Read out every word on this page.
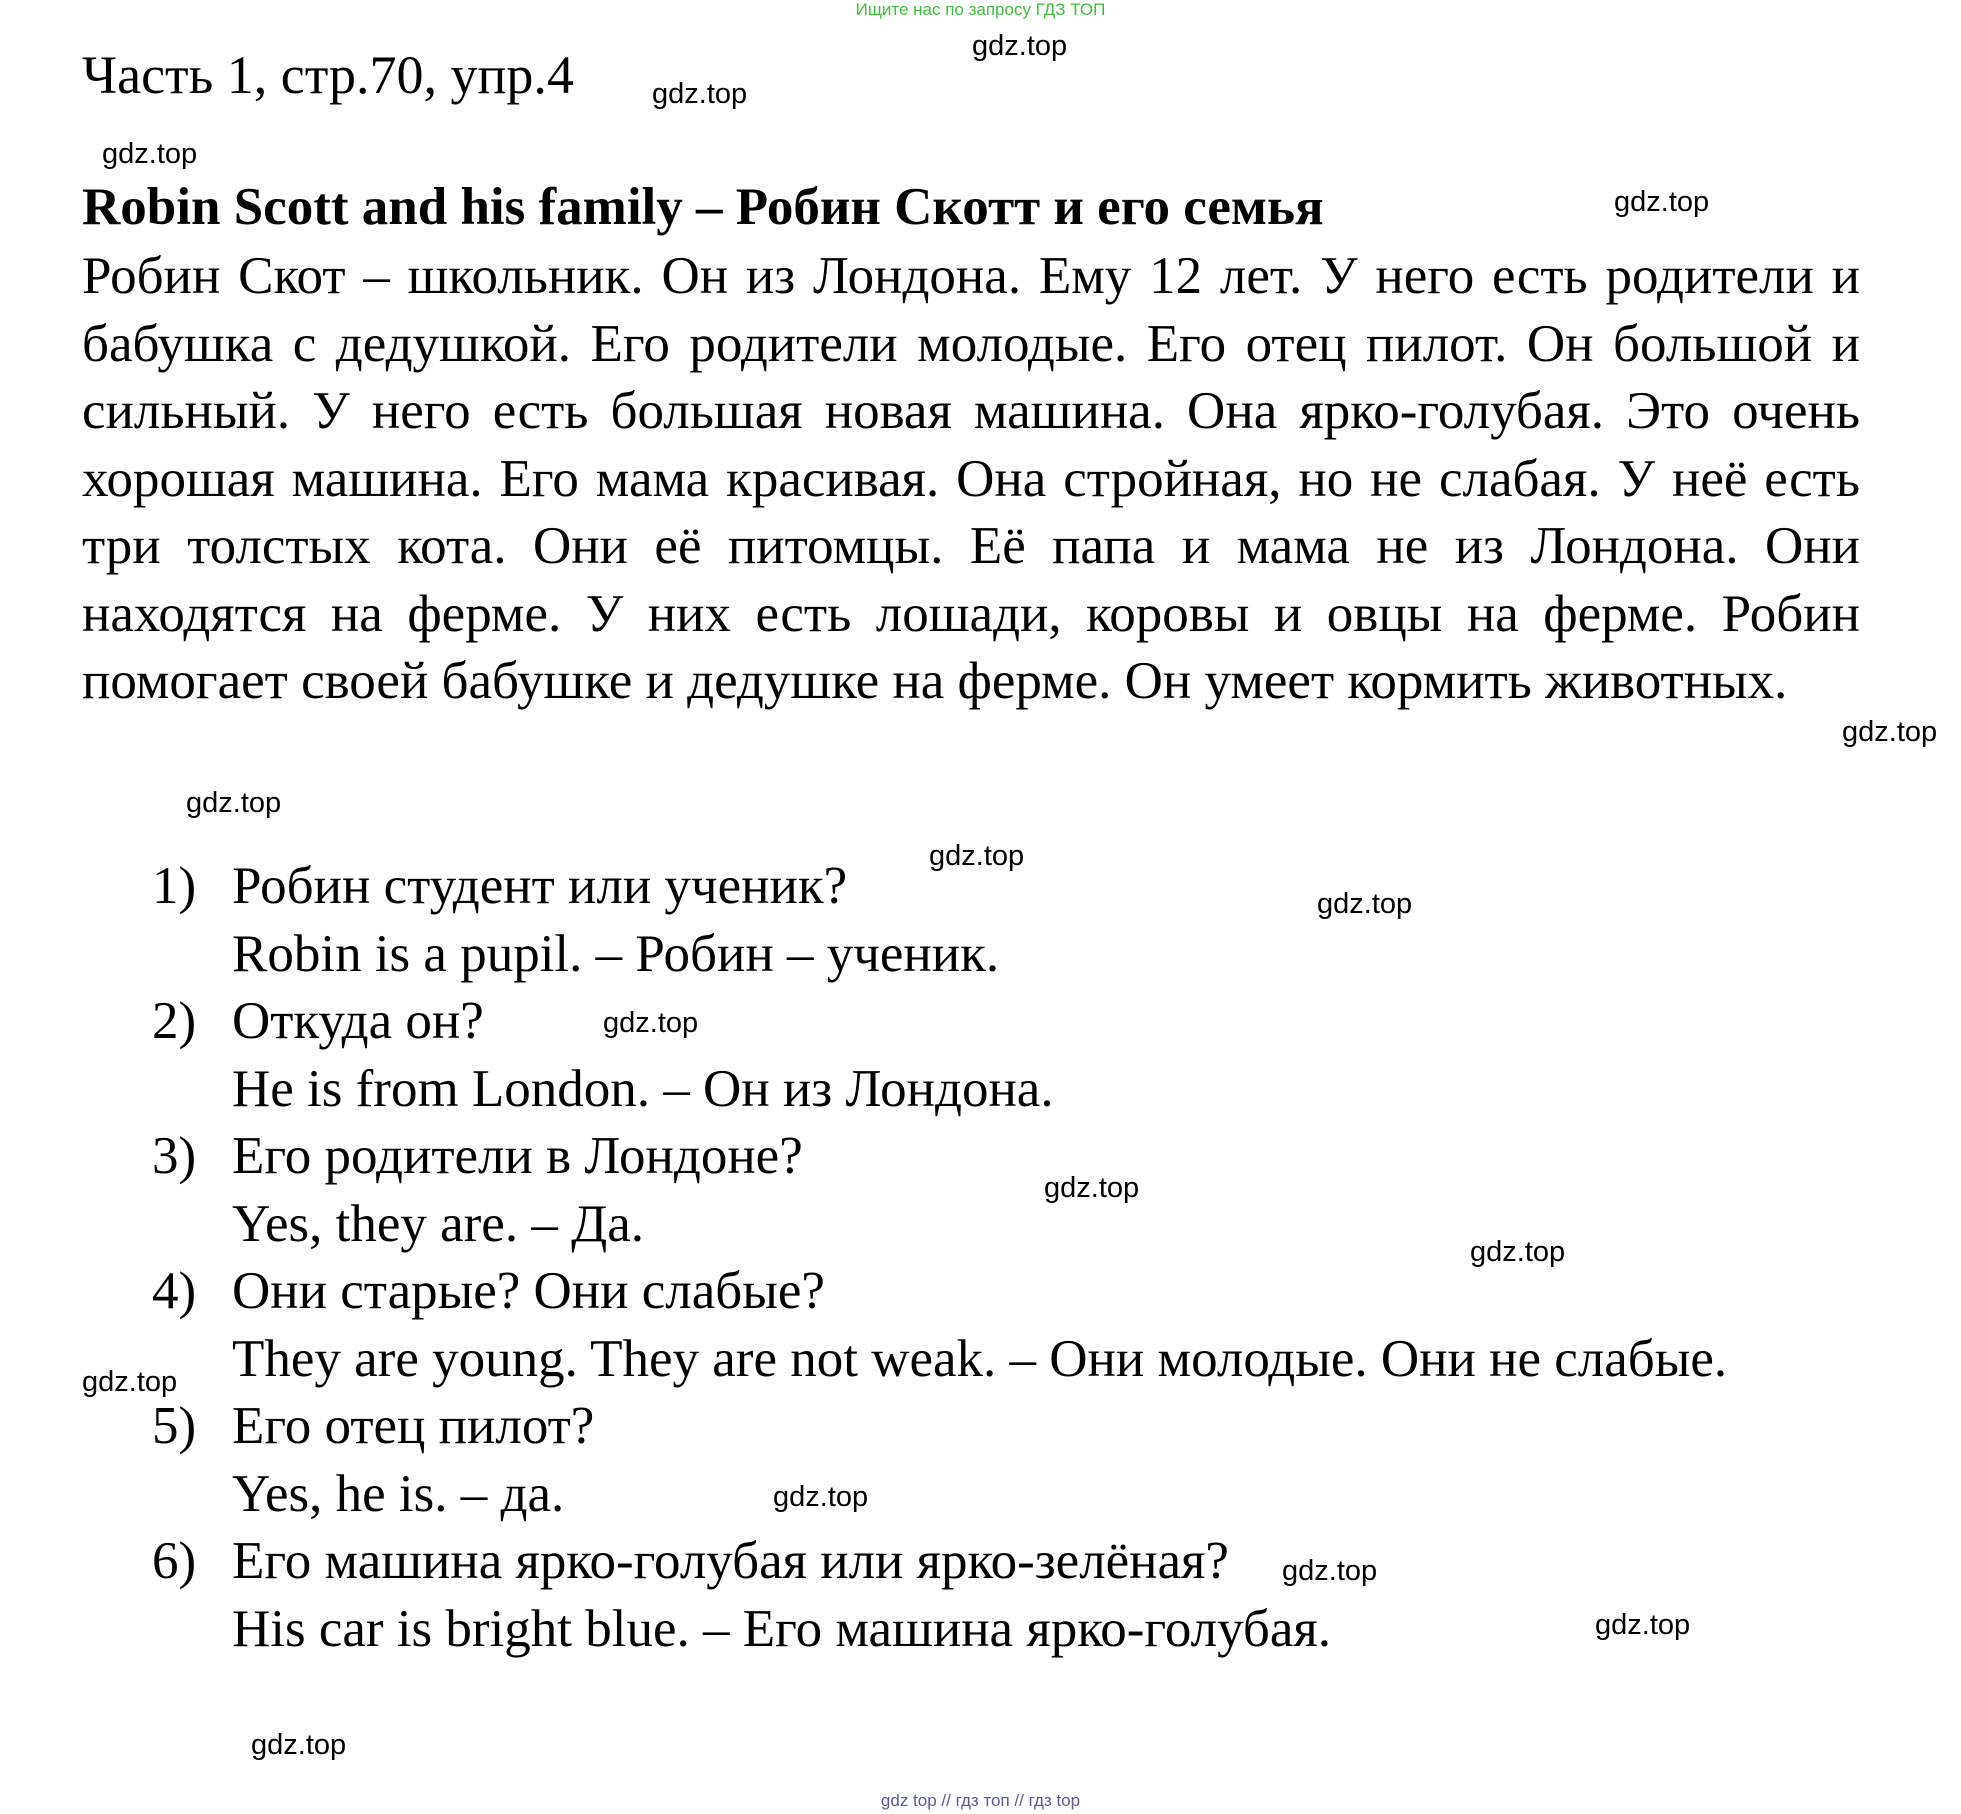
Ищите нас по запросу ГДЗ ТОП
Часть 1, стр.70, упр.4
Robin Scott and his family – Робин Скотт и его семья
Робин Скот – школьник. Он из Лондона. Ему 12 лет. У него есть родители и бабушка с дедушкой. Его родители молодые. Его отец пилот. Он большой и сильный. У него есть большая новая машина. Она ярко-голубая. Это очень хорошая машина. Его мама красивая. Она стройная, но не слабая. У неё есть три толстых кота. Они её питомцы. Её папа и мама не из Лондона. Они находятся на ферме. У них есть лошади, коровы и овцы на ферме. Робин помогает своей бабушке и дедушке на ферме. Он умеет кормить животных.
1) Робин студент или ученик?
Robin is a pupil. – Робин – ученик.
2) Откуда он?
He is from London. – Он из Лондона.
3) Его родители в Лондоне?
Yes, they are. – Да.
4) Они старые? Они слабые?
They are young. They are not weak. – Они молодые. Они не слабые.
5) Его отец пилот?
Yes, he is. – да.
6) Его машина ярко-голубая или ярко-зелёная?
His car is bright blue. – Его машина ярко-голубая.
gdz.top
gdz.top
gdz.top
gdz.top
gdz.top
gdz.top
gdz.top
gdz.top
gdz.top
gdz.top
gdz.top
gdz.top
gdz.top
gdz.top
gdz.top
gdz.top
gdz top // гдз топ // гдз top
